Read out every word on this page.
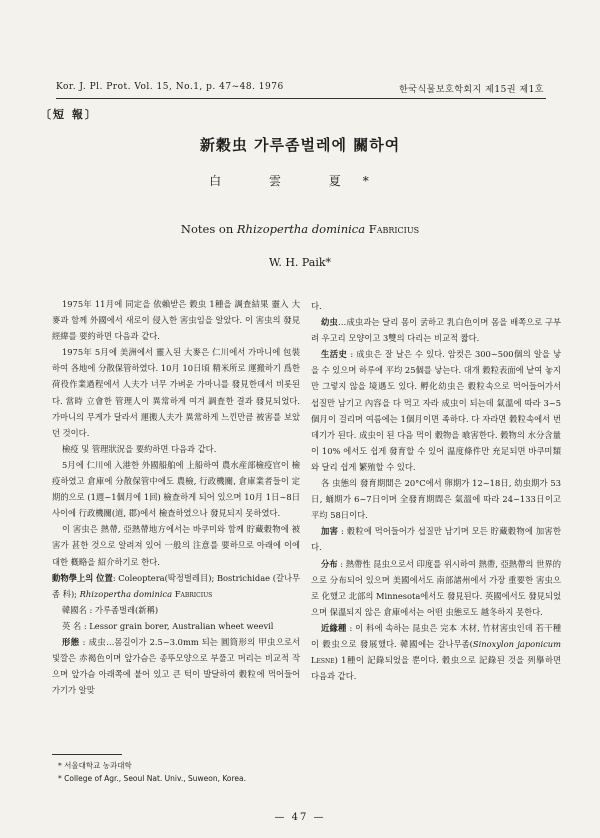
Kor. J. Pl. Prot. Vol. 15, No.1, p. 47~48. 1976	한국식물보호학회지 제15권 제1호
〔短 報〕
新穀虫 가루좀벌레에 關하여
白 雲 夏*
Notes on Rhizopertha dominica Fabricius
W. H. Paik*

1975年 11月에 同定을 依賴받은 穀虫 1種을 調査結果 靈入 大麥과 함께 外國에서 새로이 侵入한 害虫임을 알았다. 이 害虫의 發見 經緯를 要約하면 다음과 같다.

1975年 5月에 美洲에서 靈入된 大麥은 仁川에서 가마니에 包裝하여 各地에 分散保管하였다. 10月 10日頃 精米所로 運搬하기 爲한 荷役作業過程에서 人夫가 너무 가벼운 가마니를 發見한데서 비롯된다. 當時 立會한 管理人이 異常하게 여겨 調査한 결과 發見되었다. 가마니의 무게가 달라서 運搬人夫가 異常하게 느낀만큼 被害를 보았던 것이다.

檢疫 및 管理狀況을 要約하면 다음과 같다.

5月에 仁川에 入港한 外國船舶에 上船하여 農水産部檢疫官이 檢疫하였고 倉庫에 分散保管中에도 農檢, 行政機關, 倉庫業者들이 定期的으로 (1週~1個月에 1回) 檢查하게 되어 있으며 10月 1日~8日 사이에 行政機關(道, 郡)에서 檢查하였으나 發見되지 못하였다.

이 害虫은 熱帶, 亞熱帶地方에서는 바쿠미와 함께 貯藏穀物에 被害가 甚한 것으로 알려져 있어 一般의 注意를 要하므로 아래에 이에 대한 槪略을 紹介하기로 한다.

動物學上의 位置: Coleoptera(딱정벌레目); Bostrichidae (갈나무좀 科); Rhizopertha dominica Fabricius

韓國名 : 가루좀벌레(新稱)

英 名 : Lessor grain borer, Australian wheet weevil

形態 : 成虫…몸길이가 2.5~3.0mm 되는 圓筒形의 甲虫으로서 빛깔은 赤褐色이며 앞가슴은 종뚜모양으로 부풀고 머리는 비교적 작으며 앞가슴 아래쪽에 붙어 있고 큰 턱이 발달하여 穀粒에 먹어들어가기가 알맞

다.

幼虫…成虫과는 달리 몸이 굵하고 乳白色이며 몸을 배쪽으로 구부려 우고리 모양이고 3雙의 다리는 비교적 짧다.

生活史 : 成虫은 잘 날은 수 있다. 암컷은 300~500個의 알을 낳을 수 있으며 하루에 平均 25個를 낳는다. 대개 穀粒表面에 낱여 놓지만 그렇지 않을 境遇도 있다. 孵化幼虫은 穀粒속으로 먹어들어가서 섭질만 남기고 內容을 다 먹고 자라 成虫이 되는데 氣溫에 따라 3~5個月이 걸리며 여름에는 1個月이면 족하다. 다 자라면 穀粒속에서 번데기가 된다. 成虫이 된 다음 먹이 穀物을 喰害한다. 穀物의 水分含量이 10% 에서도 쉽게 發育할 수 있어 温度條件만 充足되면 바쿠미類와 달리 쉽게 繁殖할 수 있다.

各 虫態의 發育期間은 20°C에서 卵期가 12~18日, 幼虫期가 53日, 蛹期가 6~7日이며 全發育期間은 氣溫에 따라 24~133日이고 平均 58日이다.

加害 : 穀粒에 먹어들어가 섭질만 남기며 모든 貯藏穀物에 加害한다.

分布 : 熱帶性 昆虫으로서 印度를 위시하여 熱帶, 亞熱帶의 世界的으로 分布되어 있으며 美國에서도 南部諸州에서 가장 重要한 害虫으로 化했고 北部의 Minnesota에서도 發見된다. 英國에서도 發見되었으며 保溫되지 않은 倉庫에서는 어떤 虫態로도 越冬하지 못한다.

近緣種 : 이 科에 속하는 昆虫은 完本 木材, 竹材害虫인데 若干種이 穀虫으로 發展했다. 韓國에는 갈나무좀(Sinoxylon japonicum Lesne) 1種이 記錄되었을 뿐이다. 穀虫으로 記錄된 것을 列擧하면 다음과 같다.

* 서울대학교 농과대학
* College of Agr., Seoul Nat. Univ., Suweon, Korea.
— 47 —
